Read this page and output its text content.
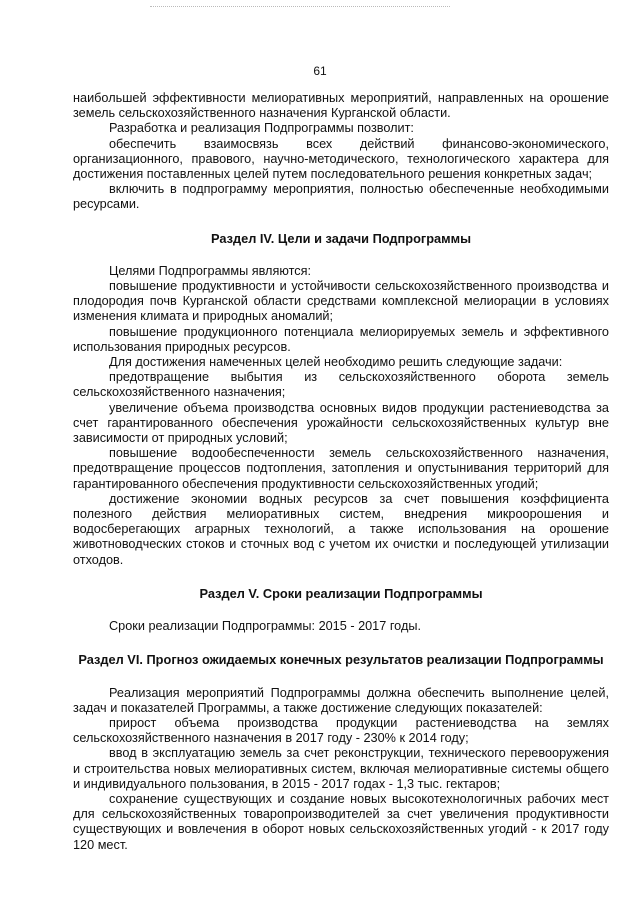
61

наибольшей эффективности мелиоративных мероприятий, направленных на орошение земель сельскохозяйственного назначения Курганской области.

Разработка и реализация Подпрограммы позволит:

обеспечить взаимосвязь всех действий финансово-экономического, организационного, правового, научно-методического, технологического характера для достижения поставленных целей путем последовательного решения конкретных задач;

включить в подпрограмму мероприятия, полностью обеспеченные необходимыми ресурсами.

Раздел IV. Цели и задачи Подпрограммы

Целями Подпрограммы являются:

повышение продуктивности и устойчивости сельскохозяйственного производства и плодородия почв Курганской области средствами комплексной мелиорации в условиях изменения климата и природных аномалий;

повышение продукционного потенциала мелиорируемых земель и эффективного использования природных ресурсов.

Для достижения намеченных целей необходимо решить следующие задачи:

предотвращение выбытия из сельскохозяйственного оборота земель сельскохозяйственного назначения;

увеличение объема производства основных видов продукции растениеводства за счет гарантированного обеспечения урожайности сельскохозяйственных культур вне зависимости от природных условий;

повышение водообеспеченности земель сельскохозяйственного назначения, предотвращение процессов подтопления, затопления и опустынивания территорий для гарантированного обеспечения продуктивности сельскохозяйственных угодий;

достижение экономии водных ресурсов за счет повышения коэффициента полезного действия мелиоративных систем, внедрения микроорошения и водосберегающих аграрных технологий, а также использования на орошение животноводческих стоков и сточных вод с учетом их очистки и последующей утилизации отходов.

Раздел V. Сроки реализации Подпрограммы

Сроки реализации Подпрограммы: 2015 - 2017 годы.

Раздел VI. Прогноз ожидаемых конечных результатов реализации Подпрограммы

Реализация мероприятий Подпрограммы должна обеспечить выполнение целей, задач и показателей Программы, а также достижение следующих показателей:

прирост объема производства продукции растениеводства на землях сельскохозяйственного назначения в 2017 году - 230% к 2014 году;

ввод в эксплуатацию земель за счет реконструкции, технического перевооружения и строительства новых мелиоративных систем, включая мелиоративные системы общего и индивидуального пользования, в 2015 - 2017 годах - 1,3 тыс. гектаров;

сохранение существующих и создание новых высокотехнологичных рабочих мест для сельскохозяйственных товаропроизводителей за счет увеличения продуктивности существующих и вовлечения в оборот новых сельскохозяйственных угодий - к 2017 году 120 мест.
